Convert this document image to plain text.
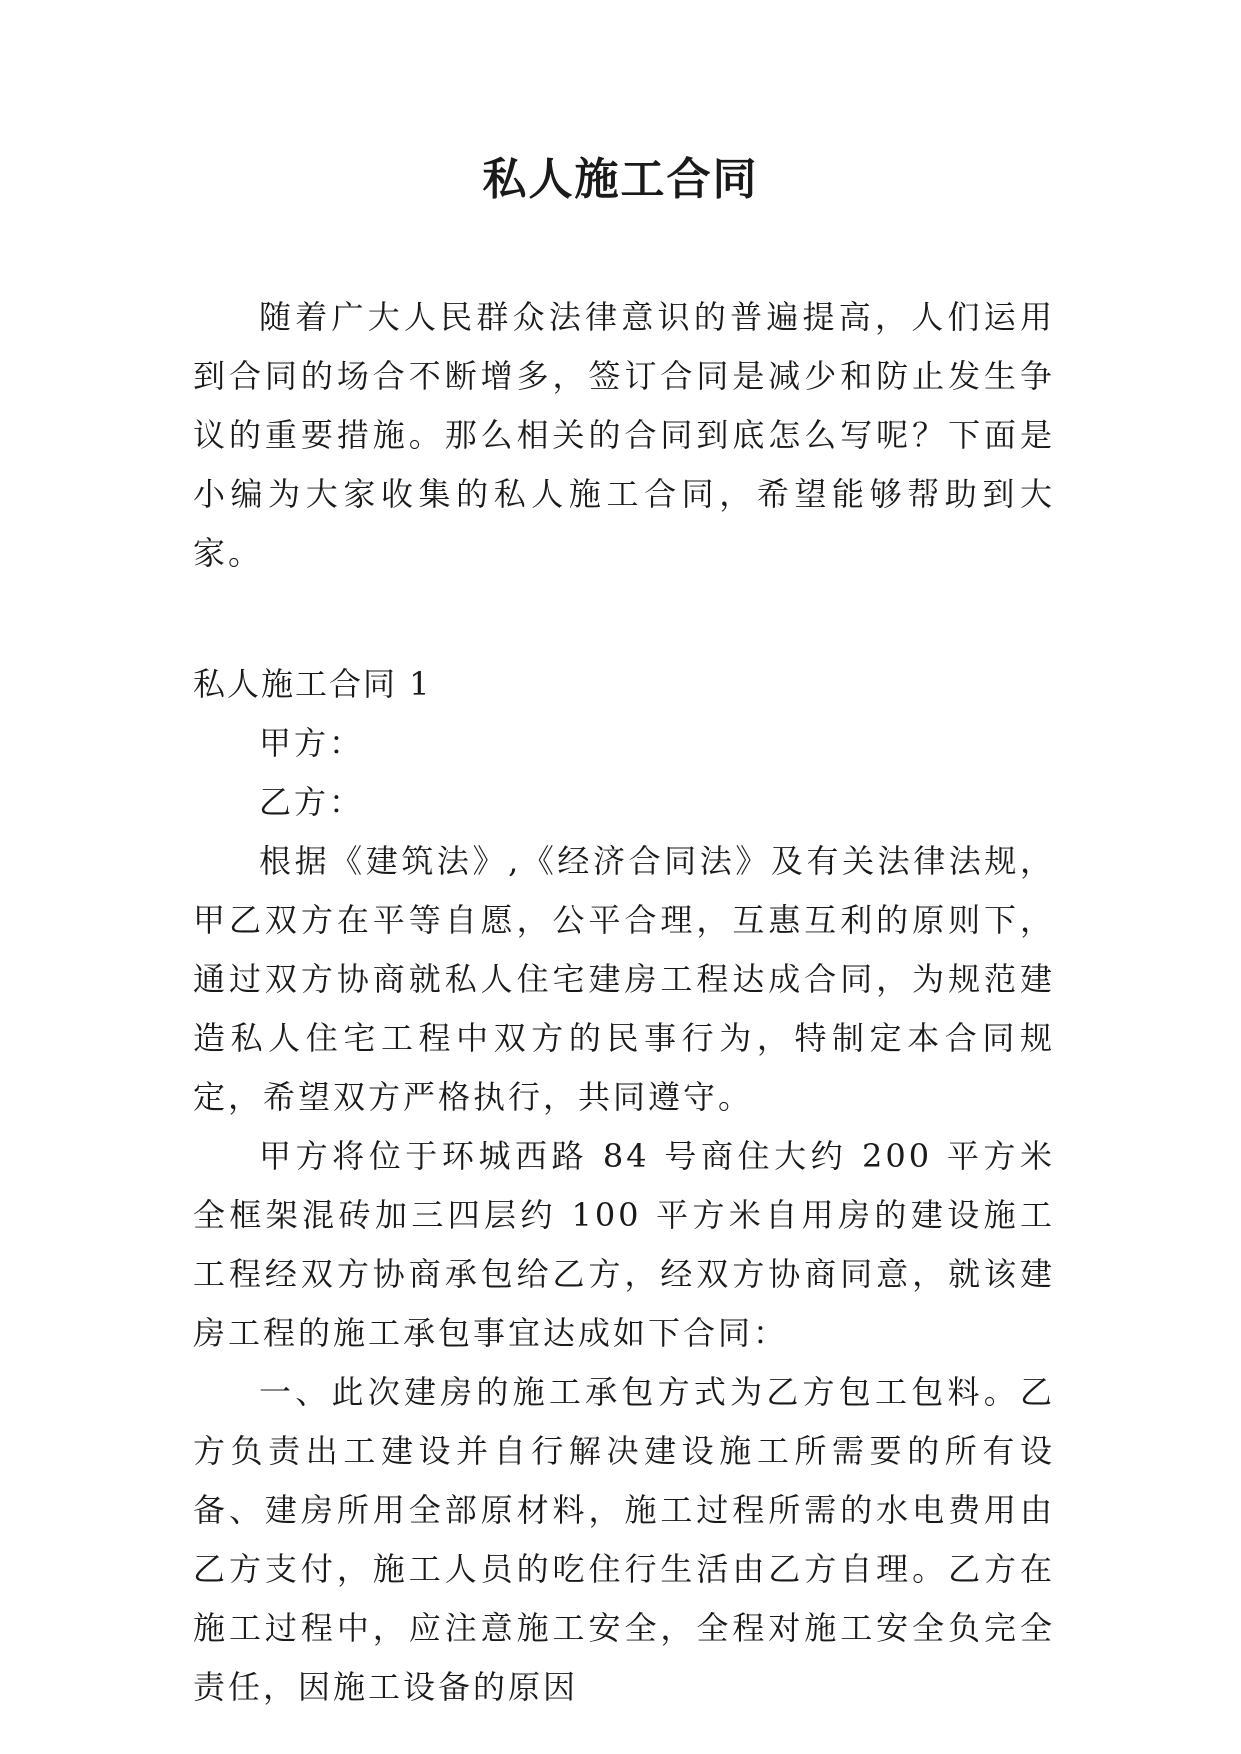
私人施工合同

随着广大人民群众法律意识的普遍提高，人们运用到合同的场合不断增多，签订合同是减少和防止发生争议的重要措施。那么相关的合同到底怎么写呢？下面是小编为大家收集的私人施工合同，希望能够帮助到大家。

私人施工合同 1

甲方：

乙方：

根据《建筑法》,《经济合同法》及有关法律法规，甲乙双方在平等自愿，公平合理，互惠互利的原则下，通过双方协商就私人住宅建房工程达成合同，为规范建造私人住宅工程中双方的民事行为，特制定本合同规定，希望双方严格执行，共同遵守。

甲方将位于环城西路 84 号商住大约 200 平方米全框架混砖加三四层约 100 平方米自用房的建设施工工程经双方协商承包给乙方，经双方协商同意，就该建房工程的施工承包事宜达成如下合同：

一、此次建房的施工承包方式为乙方包工包料。乙方负责出工建设并自行解决建设施工所需要的所有设备、建房所用全部原材料，施工过程所需的水电费用由乙方支付，施工人员的吃住行生活由乙方自理。乙方在施工过程中，应注意施工安全，全程对施工安全负完全责任，因施工设备的原因
